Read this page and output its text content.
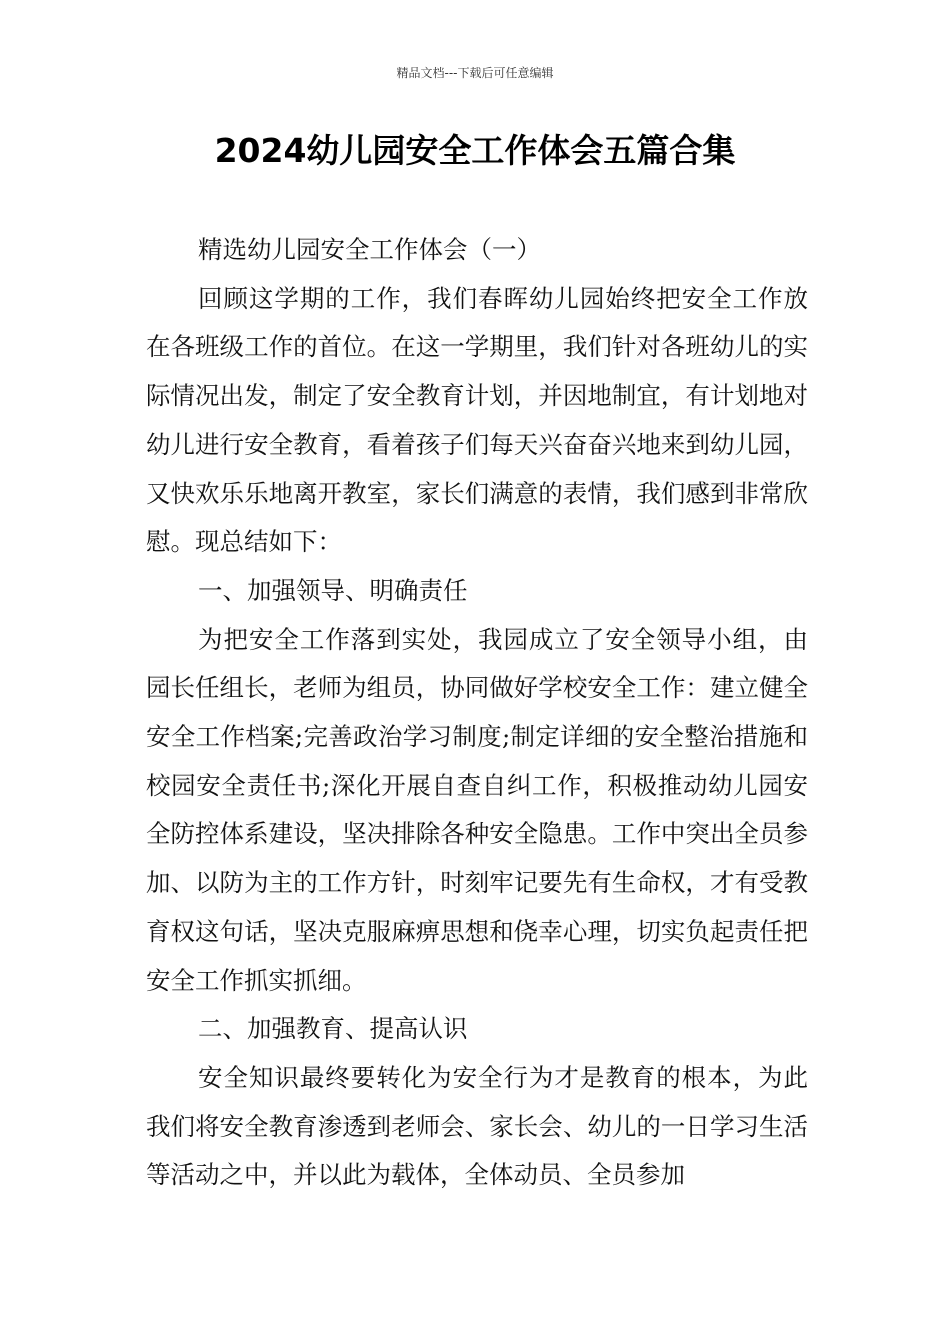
精品文档---下载后可任意编辑
2024幼儿园安全工作体会五篇合集

精选幼儿园安全工作体会（一）

回顾这学期的工作，我们春晖幼儿园始终把安全工作放在各班级工作的首位。在这一学期里，我们针对各班幼儿的实际情况出发，制定了安全教育计划，并因地制宜，有计划地对幼儿进行安全教育，看着孩子们每天兴奋奋兴地来到幼儿园，又快欢乐乐地离开教室，家长们满意的表情，我们感到非常欣慰。现总结如下：

一、加强领导、明确责任

为把安全工作落到实处，我园成立了安全领导小组，由园长任组长，老师为组员，协同做好学校安全工作：建立健全安全工作档案;完善政治学习制度;制定详细的安全整治措施和校园安全责任书;深化开展自查自纠工作，积极推动幼儿园安全防控体系建设，坚决排除各种安全隐患。工作中突出全员参加、以防为主的工作方针，时刻牢记要先有生命权，才有受教育权这句话，坚决克服麻痹思想和侥幸心理，切实负起责任把安全工作抓实抓细。

二、加强教育、提高认识

安全知识最终要转化为安全行为才是教育的根本，为此我们将安全教育渗透到老师会、家长会、幼儿的一日学习生活等活动之中，并以此为载体，全体动员、全员参加
